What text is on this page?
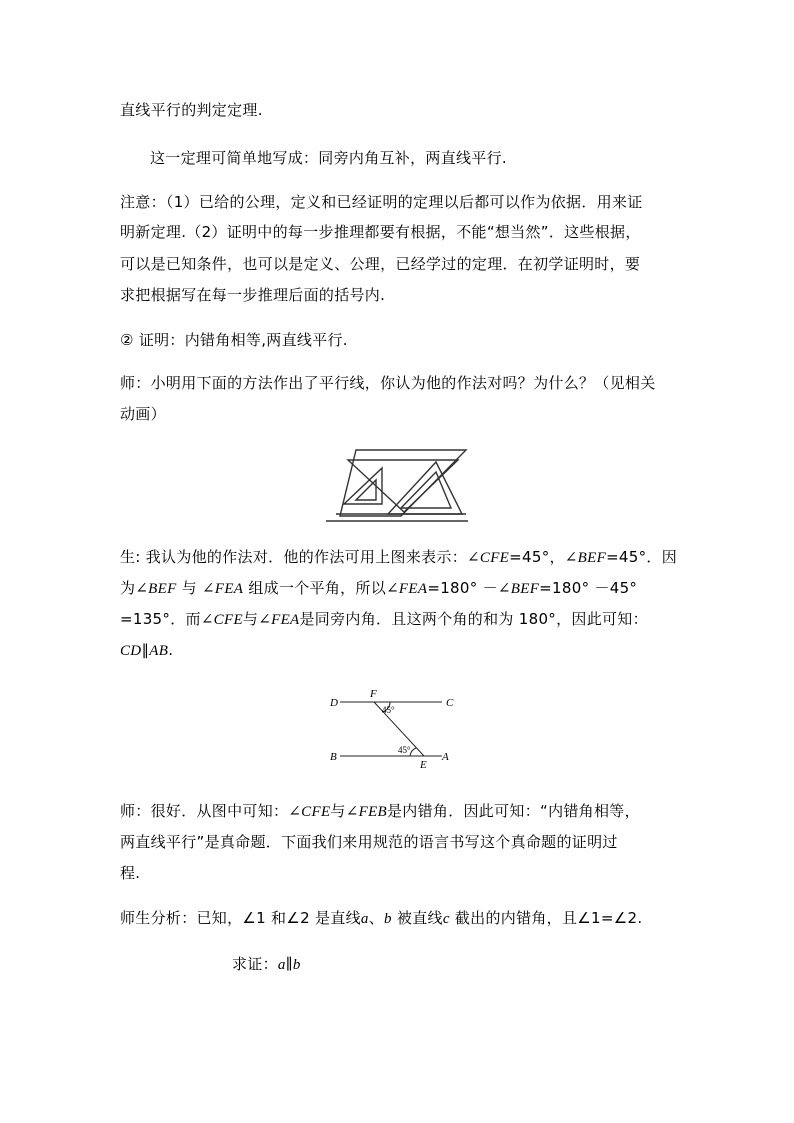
直线平行的判定定理.
这一定理可简单地写成：同旁内角互补，两直线平行.
注意：（1）已给的公理，定义和已经证明的定理以后都可以作为依据．用来证
明新定理.（2）证明中的每一步推理都要有根据，不能“想当然”．这些根据，
可以是已知条件，也可以是定义、公理，已经学过的定理．在初学证明时，要
求把根据写在每一步推理后面的括号内.
② 证明：内错角相等,两直线平行.
师：小明用下面的方法作出了平行线，你认为他的作法对吗？为什么？（见相关
动画）
生: 我认为他的作法对．他的作法可用上图来表示：∠CFE=45°，∠BEF=45°．因
为∠BEF 与 ∠FEA 组成一个平角，所以∠FEA=180° －∠BEF=180° －45°
=135°．而∠CFE与∠FEA是同旁内角．且这两个角的和为 180°，因此可知：
CD∥AB.
D
F
C
B
E
A
45°
45°
师：很好．从图中可知：∠CFE与∠FEB是内错角．因此可知：“内错角相等，
两直线平行”是真命题．下面我们来用规范的语言书写这个真命题的证明过
程.
师生分析：已知，∠1 和∠2 是直线a、b 被直线c 截出的内错角，且∠1=∠2.
求证：a∥b
